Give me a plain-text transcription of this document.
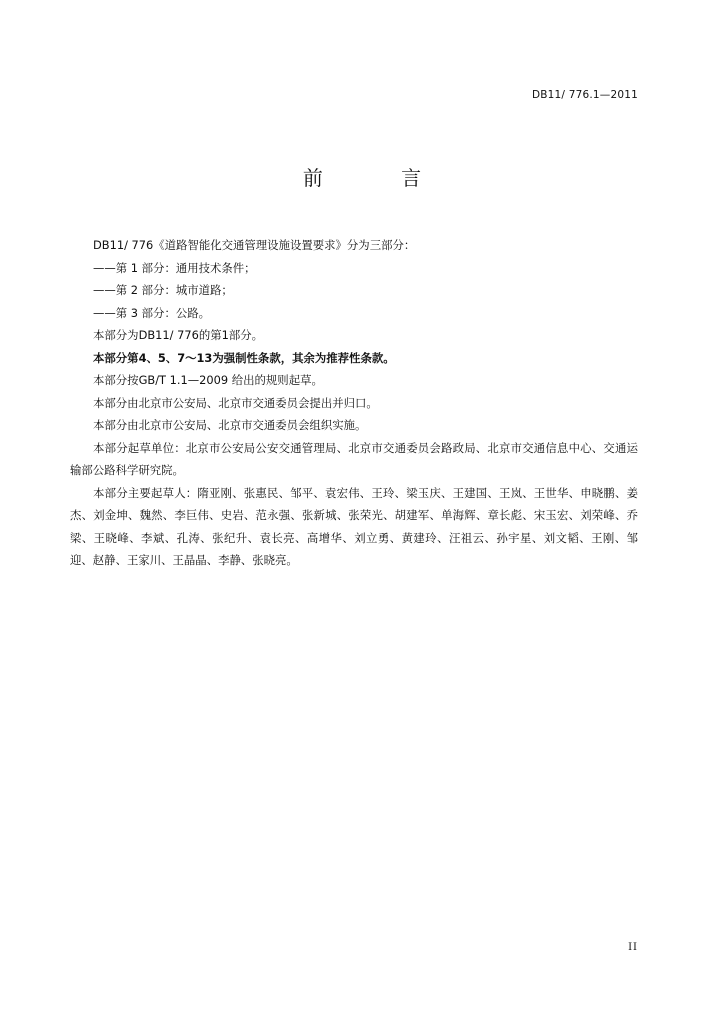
DB11/ 776.1—2011
前 言

DB11/ 776《道路智能化交通管理设施设置要求》分为三部分：

——第 1 部分：通用技术条件；

——第 2 部分：城市道路；

——第 3 部分：公路。

本部分为DB11/ 776的第1部分。

本部分第4、5、7～13为强制性条款，其余为推荐性条款。

本部分按GB/T 1.1—2009 给出的规则起草。

本部分由北京市公安局、北京市交通委员会提出并归口。

本部分由北京市公安局、北京市交通委员会组织实施。

本部分起草单位：北京市公安局公安交通管理局、北京市交通委员会路政局、北京市交通信息中心、交通运输部公路科学研究院。

本部分主要起草人：隋亚刚、张惠民、邹平、袁宏伟、王玲、梁玉庆、王建国、王岚、王世华、申晓鹏、姜杰、刘金坤、魏然、李巨伟、史岩、范永强、张新城、张荣光、胡建军、单海辉、章长彪、宋玉宏、刘荣峰、乔梁、王晓峰、李斌、孔涛、张纪升、袁长亮、高增华、刘立勇、黄建玲、汪祖云、孙宇星、刘文韬、王刚、邹迎、赵静、王家川、王晶晶、李静、张晓亮。

II
